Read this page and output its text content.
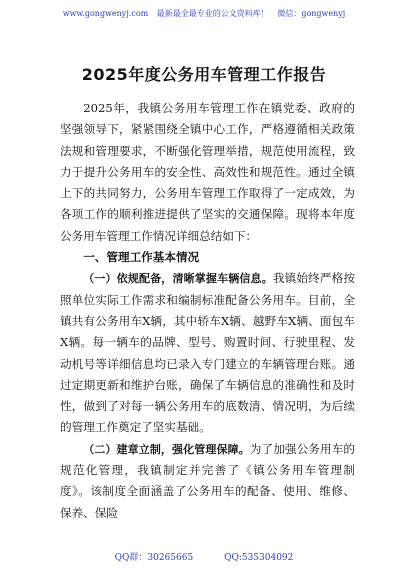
www.gongwenyj.com 最新最全最专业的公文资料库！ 微信：gongwenyj
2025年度公务用车管理工作报告

2025年，我镇公务用车管理工作在镇党委、政府的坚强领导下，紧紧围绕全镇中心工作，严格遵循相关政策法规和管理要求，不断强化管理举措，规范使用流程，致力于提升公务用车的安全性、高效性和规范性。通过全镇上下的共同努力，公务用车管理工作取得了一定成效，为各项工作的顺利推进提供了坚实的交通保障。现将本年度公务用车管理工作情况详细总结如下：

一、管理工作基本情况

（一）依规配备，清晰掌握车辆信息。我镇始终严格按照单位实际工作需求和编制标准配备公务用车。目前，全镇共有公务用车X辆，其中轿车X辆、越野车X辆、面包车X辆。每一辆车的品牌、型号、购置时间、行驶里程、发动机号等详细信息均已录入专门建立的车辆管理台账。通过定期更新和维护台账，确保了车辆信息的准确性和及时性，做到了对每一辆公务用车的底数清、情况明，为后续的管理工作奠定了坚实基础。

（二）建章立制，强化管理保障。为了加强公务用车的规范化管理，我镇制定并完善了《镇公务用车管理制度》。该制度全面涵盖了公务用车的配备、使用、维修、保养、保险

QQ群：30265665	QQ:535304092
